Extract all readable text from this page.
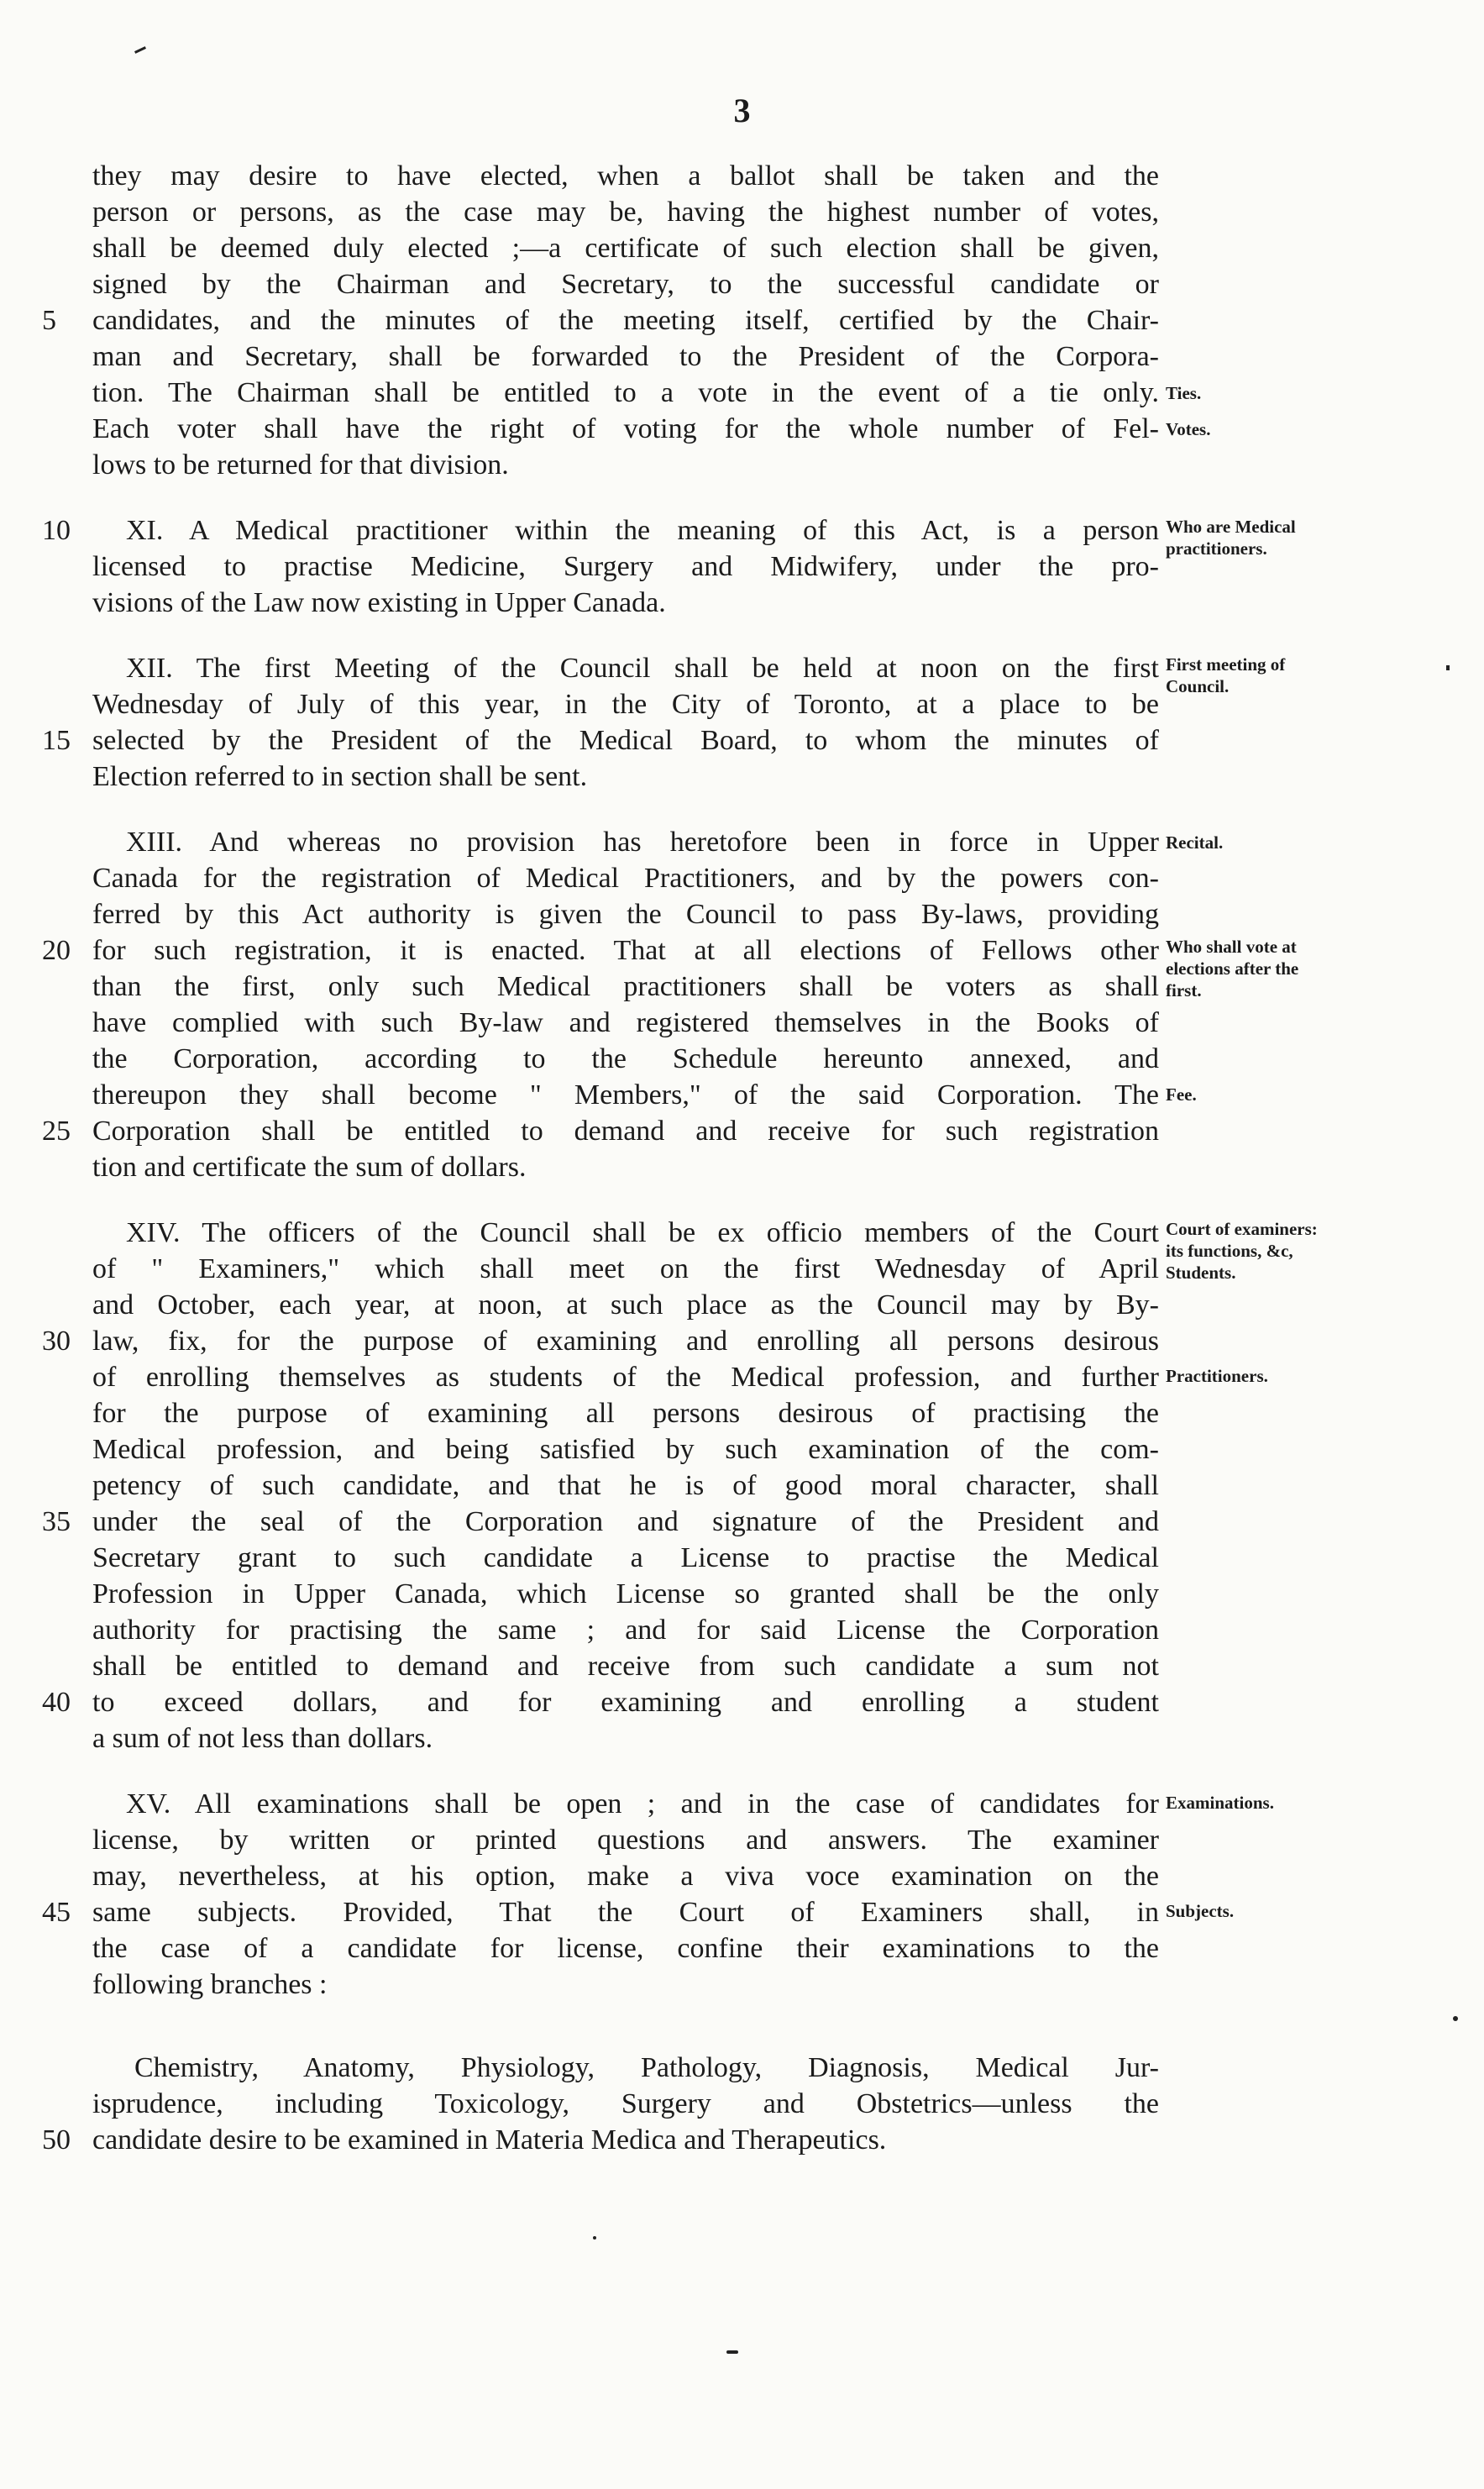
3
they may desire to have elected, when a ballot shall be taken and the
person or persons, as the case may be, having the highest number of votes,
shall be deemed duly elected ;—a certificate of such election shall be given,
signed by the Chairman and Secretary, to the successful candidate or
candidates, and the minutes of the meeting itself, certified by the Chair-
man and Secretary, shall be forwarded to the President of the Corpora-
tion. The Chairman shall be entitled to a vote in the event of a tie only.
Each voter shall have the right of voting for the whole number of Fel-
lows to be returned for that division.
XI. A Medical practitioner within the meaning of this Act, is a person
licensed to practise Medicine, Surgery and Midwifery, under the pro-
visions of the Law now existing in Upper Canada.
XII. The first Meeting of the Council shall be held at noon on the first
Wednesday of July of this year, in the City of Toronto, at a place to be
selected by the President of the Medical Board, to whom the minutes of
Election referred to in section shall be sent.
XIII. And whereas no provision has heretofore been in force in Upper
Canada for the registration of Medical Practitioners, and by the powers con-
ferred by this Act authority is given the Council to pass By-laws, providing
for such registration, it is enacted. That at all elections of Fellows other
than the first, only such Medical practitioners shall be voters as shall
have complied with such By-law and registered themselves in the Books of
the Corporation, according to the Schedule hereunto annexed, and
thereupon they shall become " Members," of the said Corporation. The
Corporation shall be entitled to demand and receive for such registration
tion and certificate the sum of dollars.
XIV. The officers of the Council shall be ex officio members of the Court
of " Examiners," which shall meet on the first Wednesday of April
and October, each year, at noon, at such place as the Council may by By-
law, fix, for the purpose of examining and enrolling all persons desirous
of enrolling themselves as students of the Medical profession, and further
for the purpose of examining all persons desirous of practising the
Medical profession, and being satisfied by such examination of the com-
petency of such candidate, and that he is of good moral character, shall
under the seal of the Corporation and signature of the President and
Secretary grant to such candidate a License to practise the Medical
Profession in Upper Canada, which License so granted shall be the only
authority for practising the same ; and for said License the Corporation
shall be entitled to demand and receive from such candidate a sum not
to exceed dollars, and for examining and enrolling a student
a sum of not less than dollars.
XV. All examinations shall be open ; and in the case of candidates for
license, by written or printed questions and answers. The examiner
may, nevertheless, at his option, make a viva voce examination on the
same subjects. Provided, That the Court of Examiners shall, in
the case of a candidate for license, confine their examinations to the
following branches :
Chemistry, Anatomy, Physiology, Pathology, Diagnosis, Medical Jur-
isprudence, including Toxicology, Surgery and Obstetrics—unless the
candidate desire to be examined in Materia Medica and Therapeutics.
5
10
15
20
25
30
35
40
45
50
Ties.
Votes.
Who are Medical practitioners.
First meeting of Council.
Recital.
Who shall vote at elections after the first.
Fee.
Court of examiners: its functions, &c, Students.
Practitioners.
Examinations.
Subjects.
